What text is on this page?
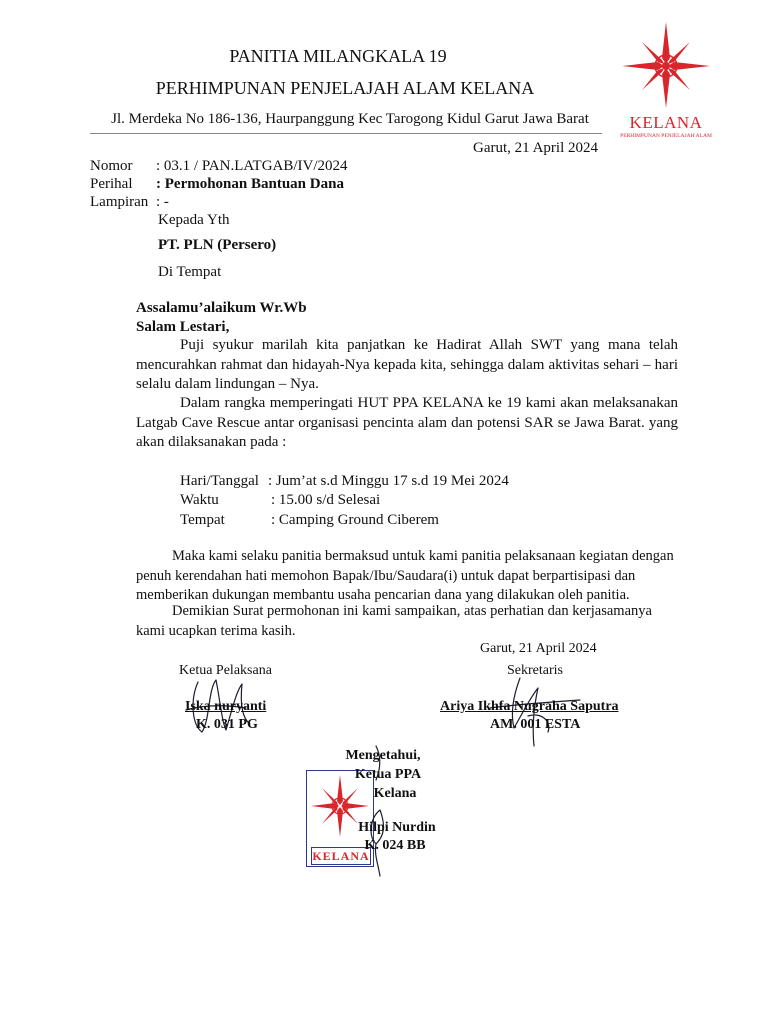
PANITIA MILANGKALA 19
PERHIMPUNAN PENJELAJAH ALAM KELANA
Jl. Merdeka No 186-136, Haurpanggung Kec Tarogong Kidul Garut Jawa Barat KELANA
PERHIMPUNAN PENJELAJAH ALAM
Garut, 21 April 2024
Nomor : 03.1 / PAN.LATGAB/IV/2024
Perihal : Permohonan Bantuan Dana
Lampiran : -
Kepada Yth
PT. PLN (Persero)
Di Tempat
Assalamu’alaikum Wr.Wb
Salam Lestari,
Puji syukur marilah kita panjatkan ke Hadirat Allah SWT yang mana telah mencurahkan rahmat dan hidayah-Nya kepada kita, sehingga dalam aktivitas sehari – hari selalu dalam lindungan – Nya.
Dalam rangka memperingati HUT PPA KELANA ke 19 kami akan melaksanakan Latgab Cave Rescue antar organisasi pencinta alam dan potensi SAR se Jawa Barat. yang akan dilaksanakan pada :
Hari/Tanggal : Jum’at s.d Minggu 17 s.d 19 Mei 2024
Waktu	: 15.00 s/d Selesai
Tempat	: Camping Ground Ciberem
Maka kami selaku panitia bermaksud untuk kami panitia pelaksanaan kegiatan dengan penuh kerendahan hati memohon Bapak/Ibu/Saudara(i) untuk dapat berpartisipasi dan memberikan dukungan membantu usaha pencarian dana yang dilakukan oleh panitia.
Demikian Surat permohonan ini kami sampaikan, atas perhatian dan kerjasamanya kami ucapkan terima kasih.
Garut, 21 April 2024
Ketua Pelaksana	Sekretaris
Iska nuryanti
K. 031 PG
Ariya Ikhfa Nugraha Saputra
AM. 001 ESTA
KELANA
Mengetahui,
Ketua PPA
Kelana
Hilpi Nurdin
K. 024 BB
